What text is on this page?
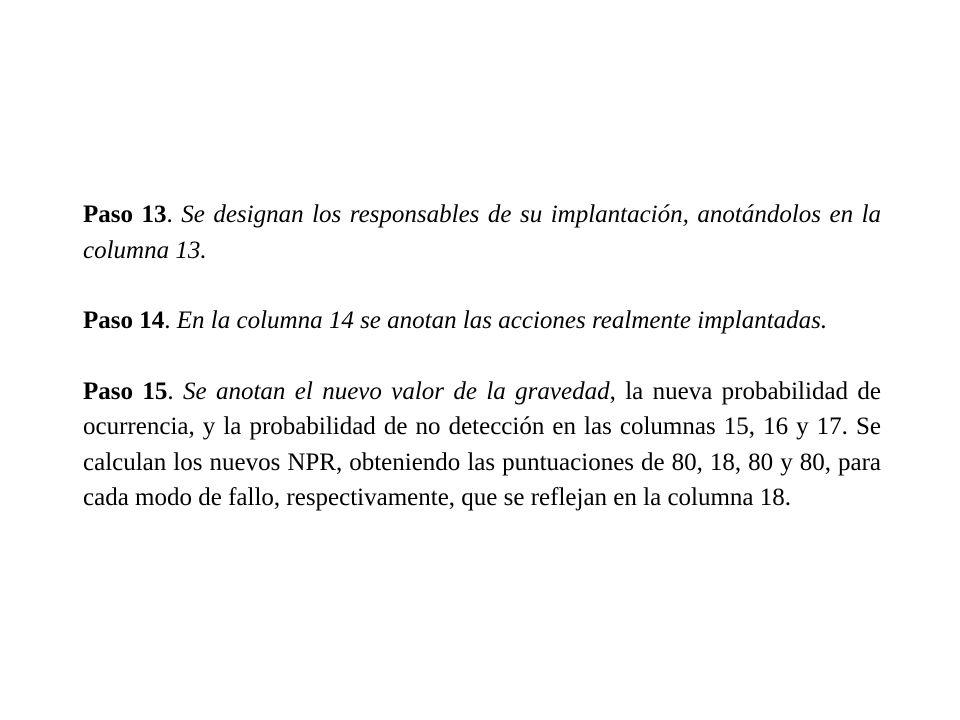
Paso 13. Se designan los responsables de su implantación, anotándolos en la columna 13.

Paso 14. En la columna 14 se anotan las acciones realmente implantadas.

Paso 15. Se anotan el nuevo valor de la gravedad, la nueva probabilidad de ocurrencia, y la probabilidad de no detección en las columnas 15, 16 y 17. Se calculan los nuevos NPR, obteniendo las puntuaciones de 80, 18, 80 y 80, para cada modo de fallo, respectivamente, que se reflejan en la columna 18.
